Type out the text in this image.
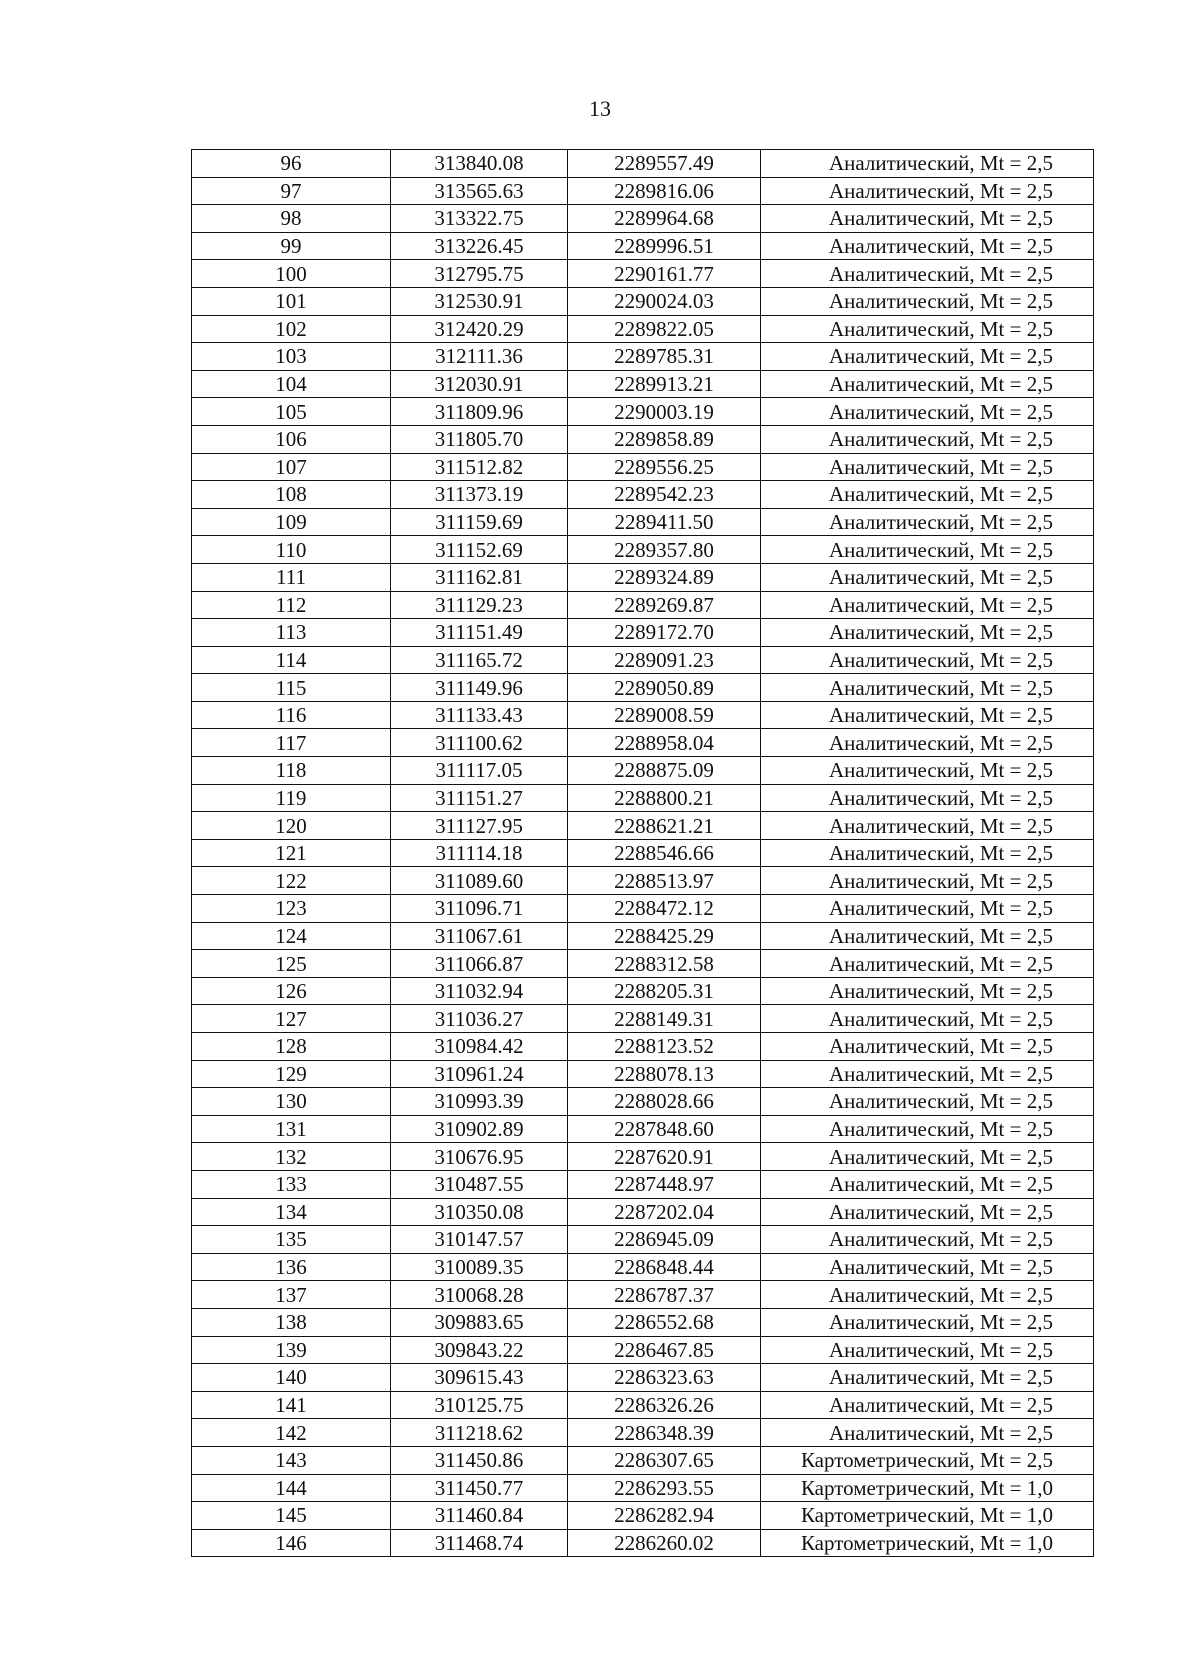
13
96	313840.08	2289557.49	Аналитический, Mt = 2,5
97	313565.63	2289816.06	Аналитический, Mt = 2,5
98	313322.75	2289964.68	Аналитический, Mt = 2,5
99	313226.45	2289996.51	Аналитический, Mt = 2,5
100	312795.75	2290161.77	Аналитический, Mt = 2,5
101	312530.91	2290024.03	Аналитический, Mt = 2,5
102	312420.29	2289822.05	Аналитический, Mt = 2,5
103	312111.36	2289785.31	Аналитический, Mt = 2,5
104	312030.91	2289913.21	Аналитический, Mt = 2,5
105	311809.96	2290003.19	Аналитический, Mt = 2,5
106	311805.70	2289858.89	Аналитический, Mt = 2,5
107	311512.82	2289556.25	Аналитический, Mt = 2,5
108	311373.19	2289542.23	Аналитический, Mt = 2,5
109	311159.69	2289411.50	Аналитический, Mt = 2,5
110	311152.69	2289357.80	Аналитический, Mt = 2,5
111	311162.81	2289324.89	Аналитический, Mt = 2,5
112	311129.23	2289269.87	Аналитический, Mt = 2,5
113	311151.49	2289172.70	Аналитический, Mt = 2,5
114	311165.72	2289091.23	Аналитический, Mt = 2,5
115	311149.96	2289050.89	Аналитический, Mt = 2,5
116	311133.43	2289008.59	Аналитический, Mt = 2,5
117	311100.62	2288958.04	Аналитический, Mt = 2,5
118	311117.05	2288875.09	Аналитический, Mt = 2,5
119	311151.27	2288800.21	Аналитический, Mt = 2,5
120	311127.95	2288621.21	Аналитический, Mt = 2,5
121	311114.18	2288546.66	Аналитический, Mt = 2,5
122	311089.60	2288513.97	Аналитический, Mt = 2,5
123	311096.71	2288472.12	Аналитический, Mt = 2,5
124	311067.61	2288425.29	Аналитический, Mt = 2,5
125	311066.87	2288312.58	Аналитический, Mt = 2,5
126	311032.94	2288205.31	Аналитический, Mt = 2,5
127	311036.27	2288149.31	Аналитический, Mt = 2,5
128	310984.42	2288123.52	Аналитический, Mt = 2,5
129	310961.24	2288078.13	Аналитический, Mt = 2,5
130	310993.39	2288028.66	Аналитический, Mt = 2,5
131	310902.89	2287848.60	Аналитический, Mt = 2,5
132	310676.95	2287620.91	Аналитический, Mt = 2,5
133	310487.55	2287448.97	Аналитический, Mt = 2,5
134	310350.08	2287202.04	Аналитический, Mt = 2,5
135	310147.57	2286945.09	Аналитический, Mt = 2,5
136	310089.35	2286848.44	Аналитический, Mt = 2,5
137	310068.28	2286787.37	Аналитический, Mt = 2,5
138	309883.65	2286552.68	Аналитический, Mt = 2,5
139	309843.22	2286467.85	Аналитический, Mt = 2,5
140	309615.43	2286323.63	Аналитический, Mt = 2,5
141	310125.75	2286326.26	Аналитический, Mt = 2,5
142	311218.62	2286348.39	Аналитический, Mt = 2,5
143	311450.86	2286307.65	Картометрический, Mt = 2,5
144	311450.77	2286293.55	Картометрический, Mt = 1,0
145	311460.84	2286282.94	Картометрический, Mt = 1,0
146	311468.74	2286260.02	Картометрический, Mt = 1,0
